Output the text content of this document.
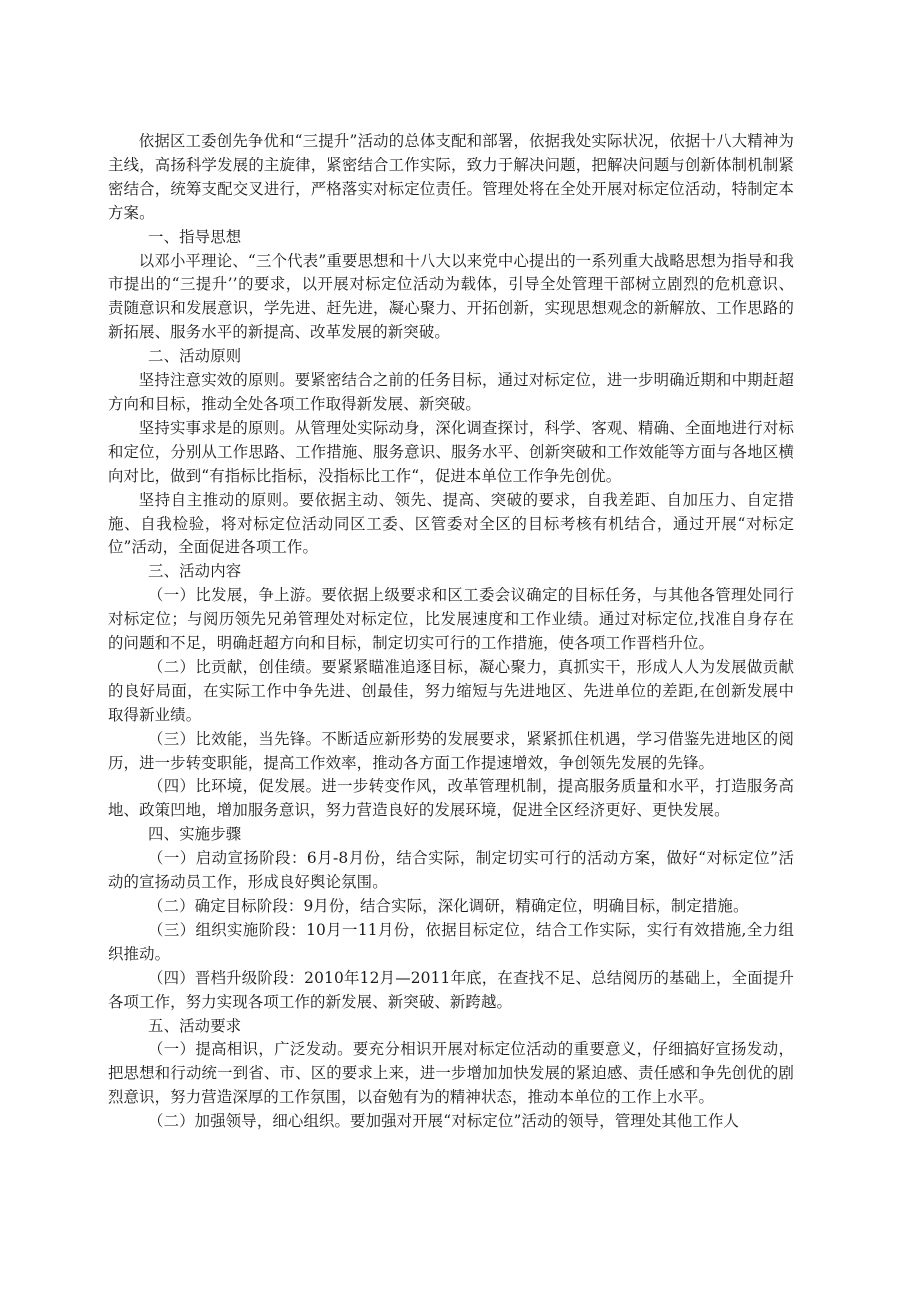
依据区工委创先争优和“三提升”活动的总体支配和部署，依据我处实际状况，依据十八大精神为主线，高扬科学发展的主旋律，紧密结合工作实际，致力于解决问题，把解决问题与创新体制机制紧密结合，统筹支配交叉进行，严格落实对标定位责任。管理处将在全处开展对标定位活动，特制定本方案。

一、指导思想

以邓小平理论、“三个代表”重要思想和十八大以来党中心提出的一系列重大战略思想为指导和我市提出的“三提升’’的要求，以开展对标定位活动为载体，引导全处管理干部树立剧烈的危机意识、责随意识和发展意识，学先进、赶先进，凝心聚力、开拓创新，实现思想观念的新解放、工作思路的新拓展、服务水平的新提高、改革发展的新突破。

二、活动原则

坚持注意实效的原则。要紧密结合之前的任务目标，通过对标定位，进一步明确近期和中期赶超方向和目标，推动全处各项工作取得新发展、新突破。

坚持实事求是的原则。从管理处实际动身，深化调查探讨，科学、客观、精确、全面地进行对标和定位，分别从工作思路、工作措施、服务意识、服务水平、创新突破和工作效能等方面与各地区横向对比，做到“有指标比指标，没指标比工作“，促进本单位工作争先创优。

坚持自主推动的原则。要依据主动、领先、提高、突破的要求，自我差距、自加压力、自定措施、自我检验，将对标定位活动同区工委、区管委对全区的目标考核有机结合，通过开展“对标定位”活动，全面促进各项工作。

三、活动内容

（一）比发展，争上游。要依据上级要求和区工委会议确定的目标任务，与其他各管理处同行对标定位；与阅历领先兄弟管理处对标定位，比发展速度和工作业绩。通过对标定位,找准自身存在的问题和不足，明确赶超方向和目标，制定切实可行的工作措施，使各项工作晋档升位。

（二）比贡献，创佳绩。要紧紧瞄准追逐目标，凝心聚力，真抓实干，形成人人为发展做贡献的良好局面，在实际工作中争先进、创最佳，努力缩短与先进地区、先进单位的差距,在创新发展中取得新业绩。

（三）比效能，当先锋。不断适应新形势的发展要求，紧紧抓住机遇，学习借鉴先进地区的阅历，进一步转变职能，提高工作效率，推动各方面工作提速增效，争创领先发展的先锋。

（四）比环境，促发展。进一步转变作风，改革管理机制，提高服务质量和水平，打造服务高地、政策凹地，增加服务意识，努力营造良好的发展环境，促进全区经济更好、更快发展。

四、实施步骤

（一）启动宣扬阶段：6月-8月份，结合实际，制定切实可行的活动方案，做好“对标定位”活动的宣扬动员工作，形成良好舆论氛围。

（二）确定目标阶段：9月份，结合实际，深化调研，精确定位，明确目标，制定措施。

（三）组织实施阶段：10月一11月份，依据目标定位，结合工作实际，实行有效措施,全力组织推动。

（四）晋档升级阶段：2010年12月—2011年底，在查找不足、总结阅历的基础上，全面提升各项工作，努力实现各项工作的新发展、新突破、新跨越。

五、活动要求

（一）提高相识，广泛发动。要充分相识开展对标定位活动的重要意义，仔细搞好宣扬发动，把思想和行动统一到省、市、区的要求上来，进一步增加加快发展的紧迫感、责任感和争先创优的剧烈意识，努力营造深厚的工作氛围，以奋勉有为的精神状态，推动本单位的工作上水平。

（二）加强领导，细心组织。要加强对开展“对标定位”活动的领导，管理处其他工作人
